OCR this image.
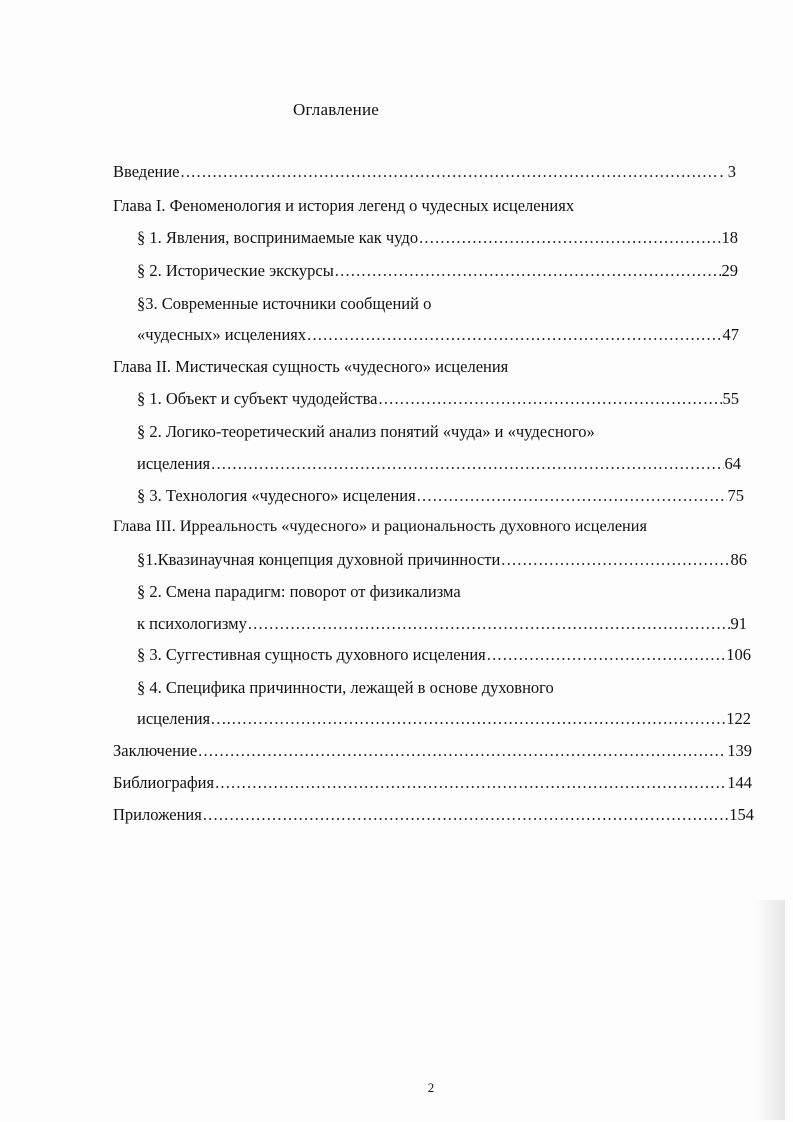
Оглавление
Введение .....	. 3
Глава I. Феноменология и история легенд о чудесных исцелениях
§ 1. Явления, воспринимаемые как чудо .....	18
§ 2. Исторические экскурсы .....	29
§3. Современные источники сообщений о
«чудесных» исцелениях .....	47
Глава II. Мистическая сущность «чудесного» исцеления
§ 1. Объект и субъект чудодейства .....	55
§ 2. Логико-теоретический анализ понятий «чуда» и «чудесного»
исцеления .....	64
§ 3. Технология «чудесного» исцеления .....	75
Глава III. Ирреальность «чудесного» и рациональность духовного исцеления
§1.Квазинаучная концепция духовной причинности .....	86
§ 2. Смена парадигм: поворот от физикализма
к психологизму .....	91
§ 3. Суггестивная сущность духовного исцеления .....	106
§ 4. Специфика причинности, лежащей в основе духовного
исцеления…. .....	122
Заключение .....	139
Библиография .....	144
Приложения .....	154
2
